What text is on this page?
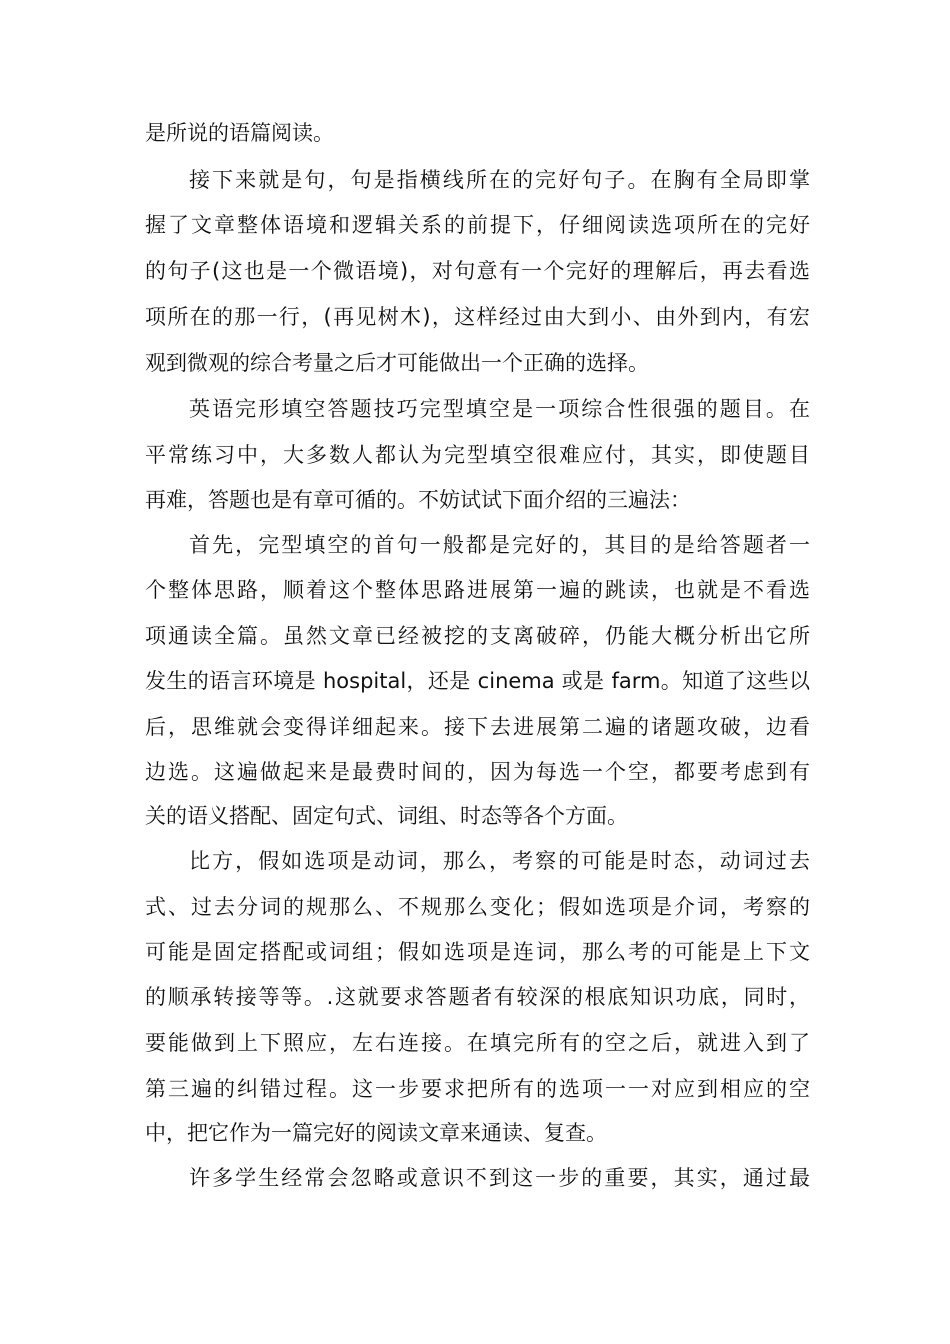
是所说的语篇阅读。
接下来就是句，句是指横线所在的完好句子。在胸有全局即掌
握了文章整体语境和逻辑关系的前提下，仔细阅读选项所在的完好
的句子(这也是一个微语境)，对句意有一个完好的理解后，再去看选
项所在的那一行，(再见树木)，这样经过由大到小、由外到内，有宏
观到微观的综合考量之后才可能做出一个正确的选择。
英语完形填空答题技巧完型填空是一项综合性很强的题目。在
平常练习中，大多数人都认为完型填空很难应付，其实，即使题目
再难，答题也是有章可循的。不妨试试下面介绍的三遍法：
首先，完型填空的首句一般都是完好的，其目的是给答题者一
个整体思路，顺着这个整体思路进展第一遍的跳读，也就是不看选
项通读全篇。虽然文章已经被挖的支离破碎，仍能大概分析出它所
发生的语言环境是 hospital，还是 cinema 或是 farm。知道了这些以
后，思维就会变得详细起来。接下去进展第二遍的诸题攻破，边看
边选。这遍做起来是最费时间的，因为每选一个空，都要考虑到有
关的语义搭配、固定句式、词组、时态等各个方面。
比方，假如选项是动词，那么，考察的可能是时态，动词过去
式、过去分词的规那么、不规那么变化；假如选项是介词，考察的
可能是固定搭配或词组；假如选项是连词，那么考的可能是上下文
的顺承转接等等。.这就要求答题者有较深的根底知识功底，同时，
要能做到上下照应，左右连接。在填完所有的空之后，就进入到了
第三遍的纠错过程。这一步要求把所有的选项一一对应到相应的空
中，把它作为一篇完好的阅读文章来通读、复查。
许多学生经常会忽略或意识不到这一步的重要，其实，通过最
